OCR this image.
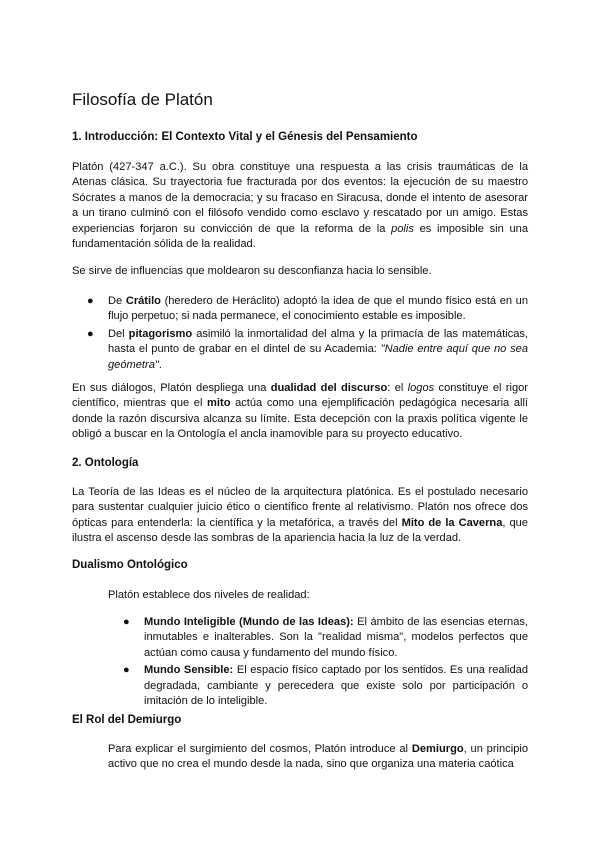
Filosofía de Platón
1. Introducción: El Contexto Vital y el Génesis del Pensamiento

Platón (427-347 a.C.). Su obra constituye una respuesta a las crisis traumáticas de la Atenas clásica. Su trayectoria fue fracturada por dos eventos: la ejecución de su maestro Sócrates a manos de la democracia; y su fracaso en Siracusa, donde el intento de asesorar a un tirano culminó con el filósofo vendido como esclavo y rescatado por un amigo. Estas experiencias forjaron su convicción de que la reforma de la polis es imposible sin una fundamentación sólida de la realidad.

Se sirve de influencias que moldearon su desconfianza hacia lo sensible.

● De Crátilo (heredero de Heráclito) adoptó la idea de que el mundo físico está en un flujo perpetuo; si nada permanece, el conocimiento estable es imposible.
● Del pitagorismo asimiló la inmortalidad del alma y la primacía de las matemáticas, hasta el punto de grabar en el dintel de su Academia: "Nadie entre aquí que no sea geómetra".

En sus diálogos, Platón despliega una dualidad del discurso: el logos constituye el rigor científico, mientras que el mito actúa como una ejemplificación pedagógica necesaria allí donde la razón discursiva alcanza su límite. Esta decepción con la praxis política vigente le obligó a buscar en la Ontología el ancla inamovible para su proyecto educativo.

2. Ontología

La Teoría de las Ideas es el núcleo de la arquitectura platónica. Es el postulado necesario para sustentar cualquier juicio ético o científico frente al relativismo. Platón nos ofrece dos ópticas para entenderla: la científica y la metafórica, a través del Mito de la Caverna, que ilustra el ascenso desde las sombras de la apariencia hacia la luz de la verdad.

Dualismo Ontológico

Platón establece dos niveles de realidad:

● Mundo Inteligible (Mundo de las Ideas): El ámbito de las esencias eternas, inmutables e inalterables. Son la "realidad misma", modelos perfectos que actúan como causa y fundamento del mundo físico.
● Mundo Sensible: El espacio físico captado por los sentidos. Es una realidad degradada, cambiante y perecedera que existe solo por participación o imitación de lo inteligible.
El Rol del Demiurgo

Para explicar el surgimiento del cosmos, Platón introduce al Demiurgo, un principio activo que no crea el mundo desde la nada, sino que organiza una materia caótica
